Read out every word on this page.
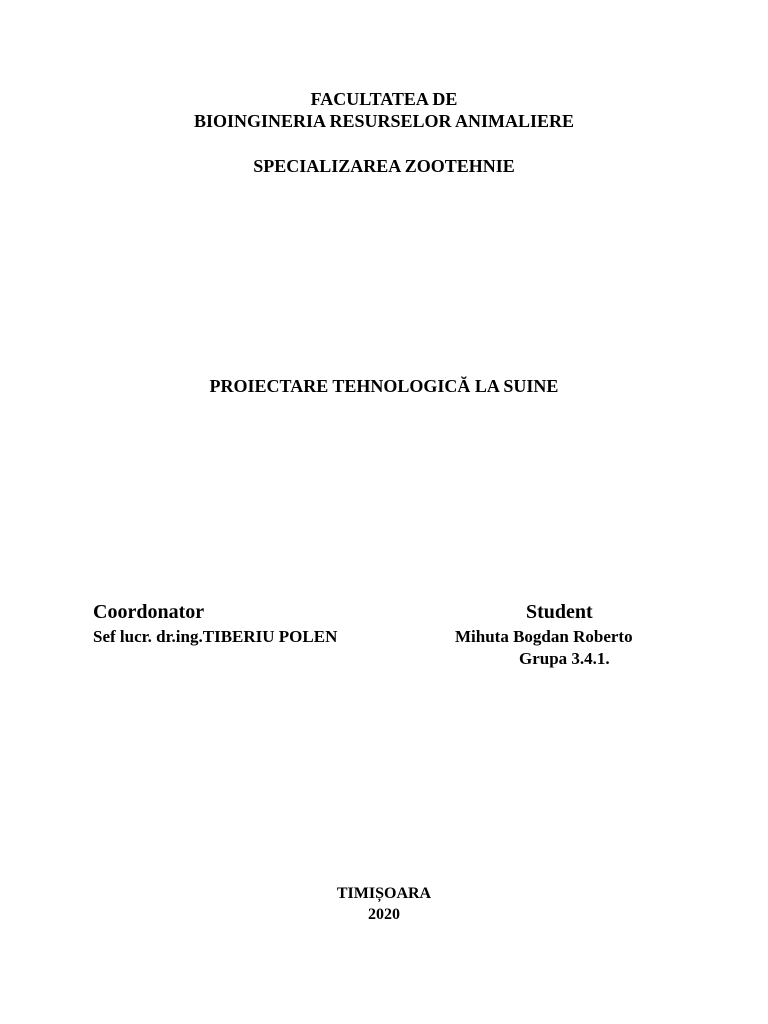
FACULTATEA DE
BIOINGINERIA RESURSELOR ANIMALIERE
SPECIALIZAREA ZOOTEHNIE
PROIECTARE TEHNOLOGICĂ LA SUINE
Coordonator
Sef lucr. dr.ing.TIBERIU POLEN
Student
Mihuta Bogdan Roberto
Grupa 3.4.1.
TIMIȘOARA
2020
